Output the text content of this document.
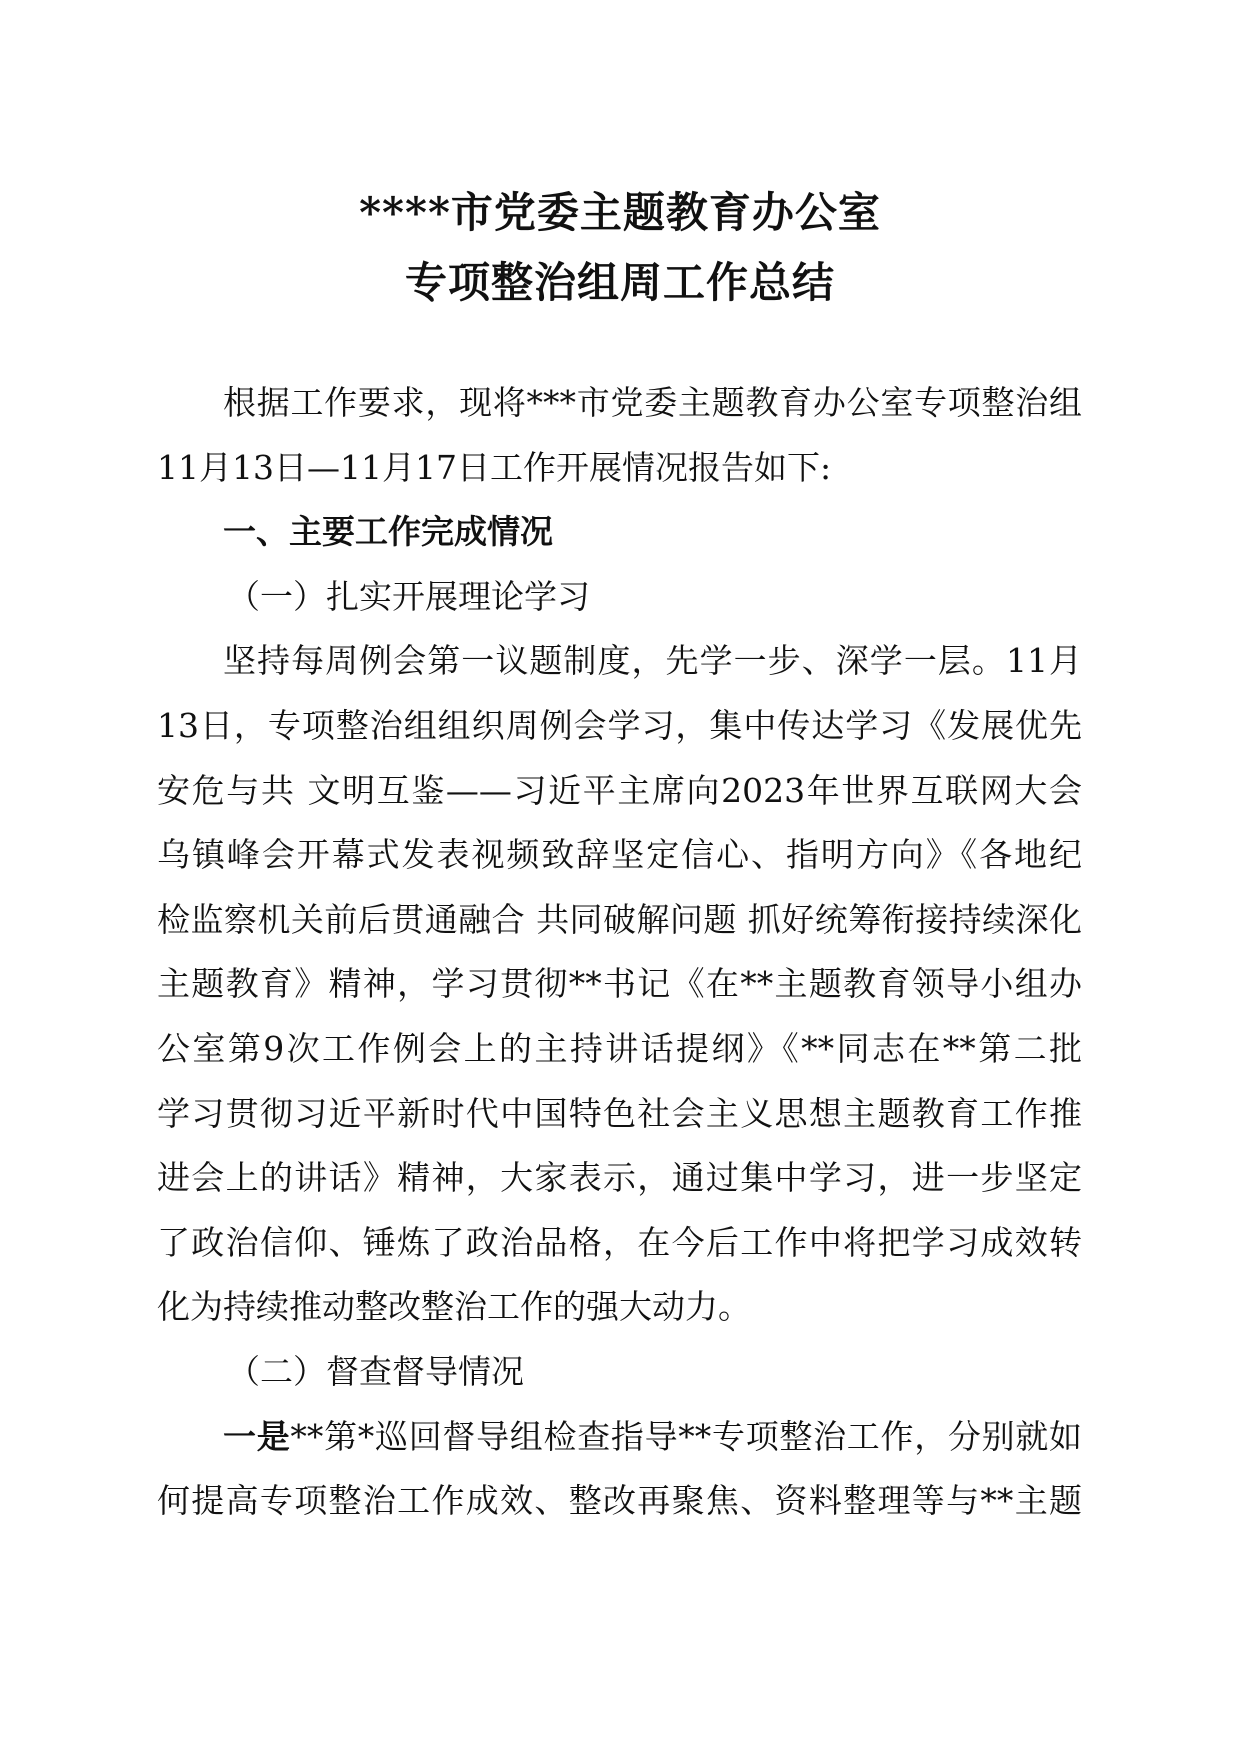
****市党委主题教育办公室
专项整治组周工作总结
根据工作要求，现将***市党委主题教育办公室专项整治组
11月13日—11月17日工作开展情况报告如下:
一、主要工作完成情况
（一）扎实开展理论学习
坚持每周例会第一议题制度，先学一步、深学一层。11月
13日，专项整治组组织周例会学习，集中传达学习《发展优先
安危与共 文明互鉴——习近平主席向2023年世界互联网大会
乌镇峰会开幕式发表视频致辞坚定信心、指明方向》《各地纪
检监察机关前后贯通融合 共同破解问题 抓好统筹衔接持续深化
主题教育》精神，学习贯彻**书记《在**主题教育领导小组办
公室第9次工作例会上的主持讲话提纲》《**同志在**第二批
学习贯彻习近平新时代中国特色社会主义思想主题教育工作推
进会上的讲话》精神，大家表示，通过集中学习，进一步坚定
了政治信仰、锤炼了政治品格，在今后工作中将把学习成效转
化为持续推动整改整治工作的强大动力。
（二）督查督导情况
一是**第*巡回督导组检查指导**专项整治工作，分别就如
何提高专项整治工作成效、整改再聚焦、资料整理等与**主题
